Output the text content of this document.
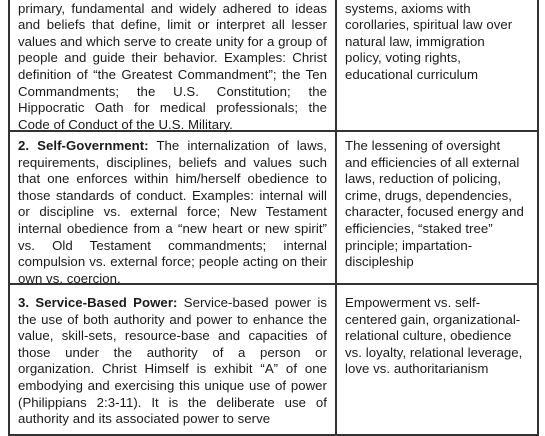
primary, fundamental and widely adhered to ideas and beliefs that define, limit or interpret all lesser values and which serve to create unity for a group of people and guide their behavior. Examples: Christ definition of “the Greatest Commandment”; the Ten Commandments; the U.S. Constitution; the Hippocratic Oath for medical professionals; the Code of Conduct of the U.S. Military.
systems, axioms with corollaries, spiritual law over natural law, immigration policy, voting rights, educational curriculum
2. Self-Government: The internalization of laws, requirements, disciplines, beliefs and values such that one enforces within him/herself obedience to those standards of conduct. Examples: internal will or discipline vs. external force; New Testament internal obedience from a “new heart or new spirit” vs. Old Testament commandments; internal compulsion vs. external force; people acting on their own vs. coercion.
The lessening of oversight and efficiencies of all external laws, reduction of policing, crime, drugs, dependencies, character, focused energy and efficiencies, “staked tree” principle; impartation-discipleship
3. Service-Based Power: Service-based power is the use of both authority and power to enhance the value, skill-sets, resource-base and capacities of those under the authority of a person or organization. Christ Himself is exhibit “A” of one embodying and exercising this unique use of power (Philippians 2:3-11). It is the deliberate use of authority and its associated power to serve
Empowerment vs. self-centered gain, organizational-relational culture, obedience vs. loyalty, relational leverage, love vs. authoritarianism
